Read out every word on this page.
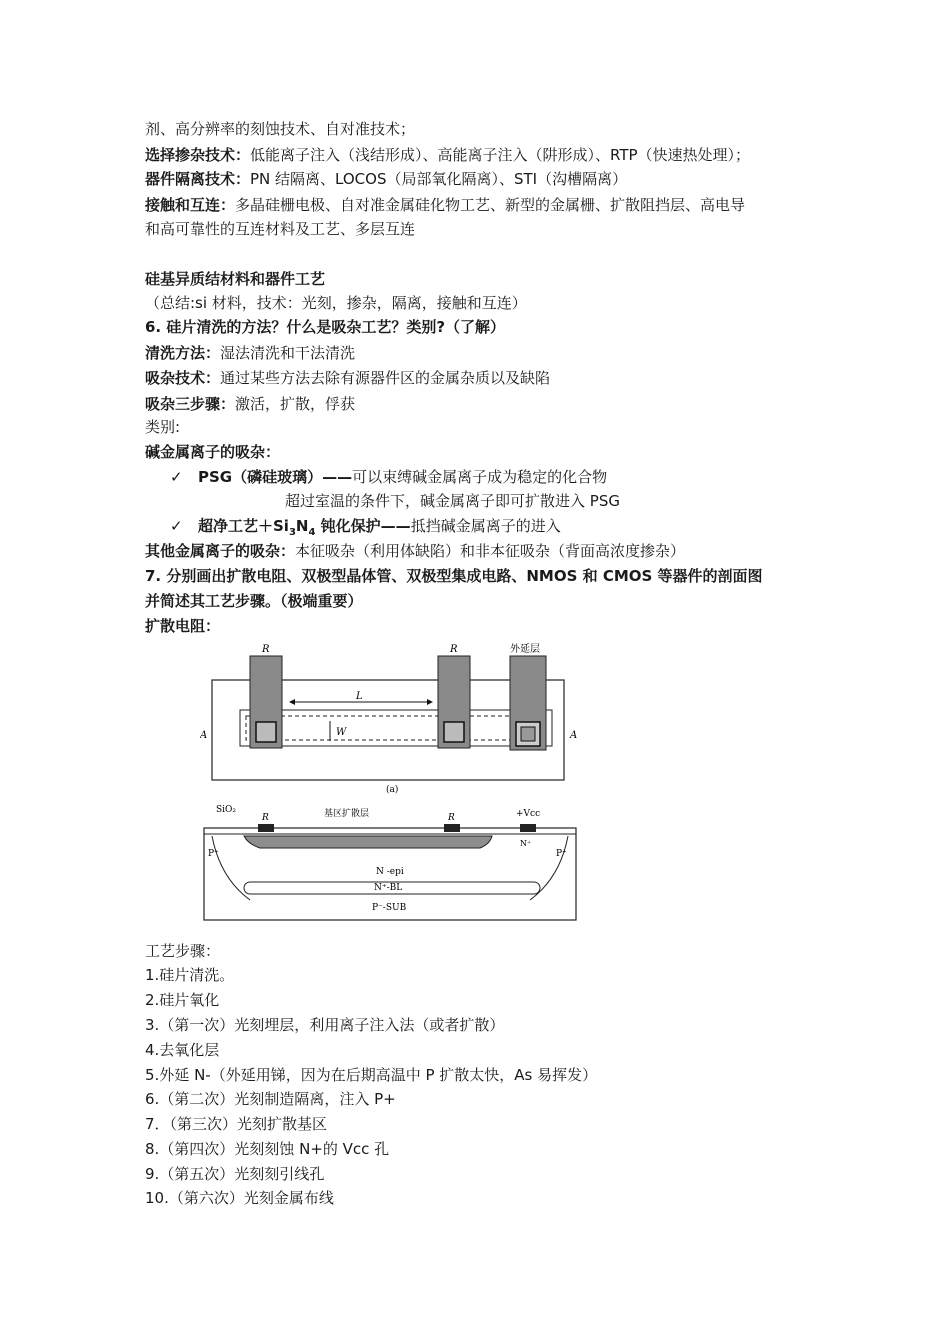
剂、高分辨率的刻蚀技术、自对准技术；
选择掺杂技术：低能离子注入（浅结形成）、高能离子注入（阱形成）、RTP（快速热处理）；
器件隔离技术：PN 结隔离、LOCOS（局部氧化隔离）、STI（沟槽隔离）
接触和互连：多晶硅栅电极、自对准金属硅化物工艺、新型的金属栅、扩散阻挡层、高电导
和高可靠性的互连材料及工艺、多层互连
硅基异质结材料和器件工艺
（总结:si 材料，技术：光刻，掺杂，隔离，接触和互连）
6. 硅片清洗的方法？什么是吸杂工艺？类别?（了解）
清洗方法：湿法清洗和干法清洗
吸杂技术：通过某些方法去除有源器件区的金属杂质以及缺陷
吸杂三步骤：激活，扩散，俘获
类别:
碱金属离子的吸杂：
✓ PSG（磷硅玻璃）——可以束缚碱金属离子成为稳定的化合物
超过室温的条件下，碱金属离子即可扩散进入 PSG
✓ 超净工艺$+Si_3N_4$ 钝化保护——抵挡碱金属离子的进入
其他金属离子的吸杂：本征吸杂（利用体缺陷）和非本征吸杂（背面高浓度掺杂）
7. 分别画出扩散电阻、双极型晶体管、双极型集成电路、NMOS 和 CMOS 等器件的剖面图
并简述其工艺步骤。（极端重要）
扩散电阻：
R	R	外延层
L
W
A	A
(a)
SiO₂	基区扩散层	+Vcc
R	R
N⁺
P⁺	P⁺
N -epi
N⁺-BL
P⁻-SUB
工艺步骤：
1.硅片清洗。
2.硅片氧化
3.（第一次）光刻埋层，利用离子注入法（或者扩散）
4.去氧化层
5.外延 N-（外延用锑，因为在后期高温中 P 扩散太快，As 易挥发）
6.（第二次）光刻制造隔离，注入 P+
7．（第三次）光刻扩散基区
8.（第四次）光刻刻蚀 N+的 Vcc 孔
9.（第五次）光刻刻引线孔
10.（第六次）光刻金属布线
